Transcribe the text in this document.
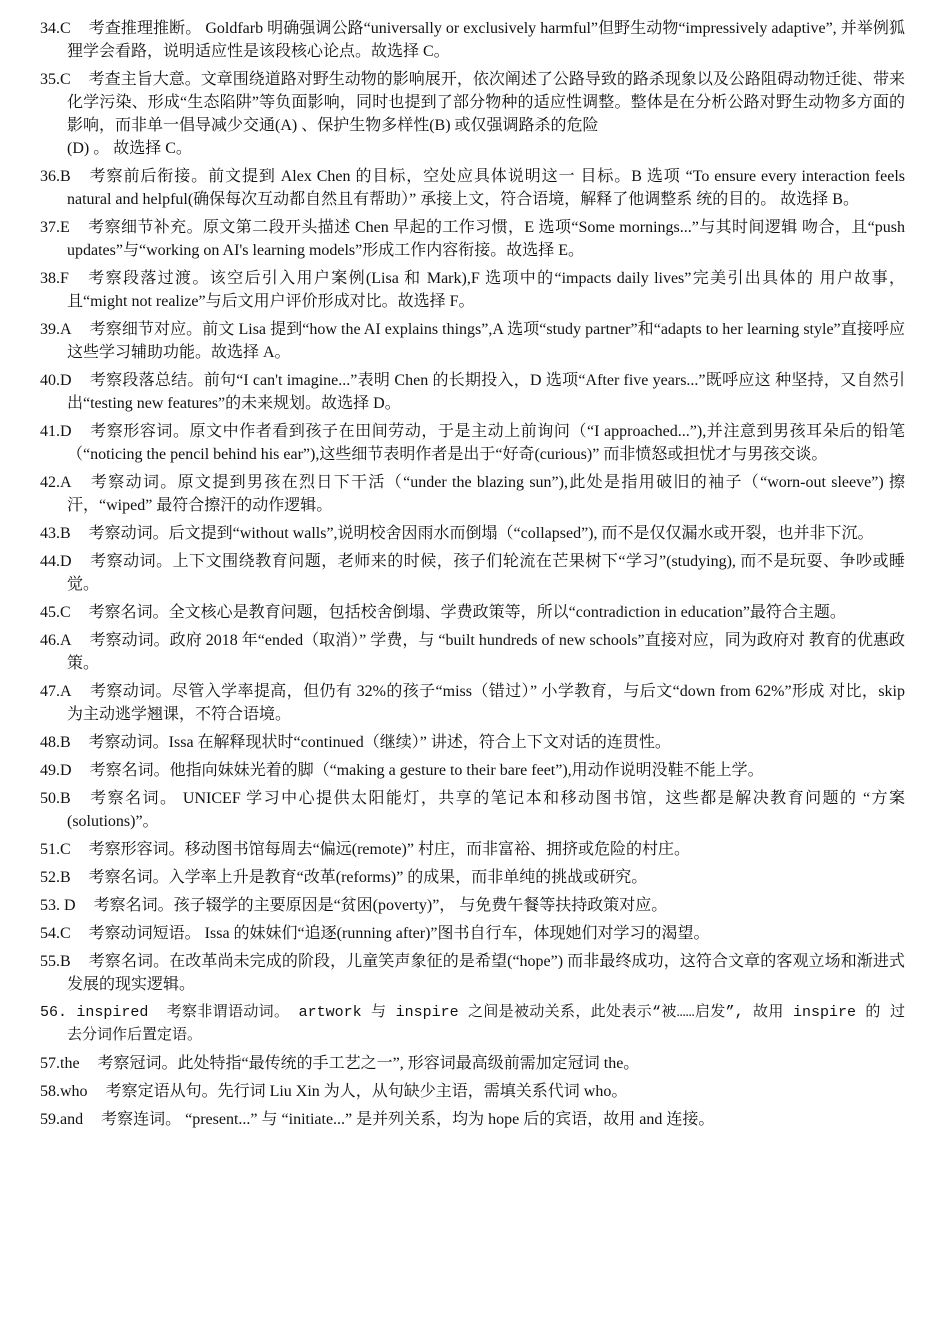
34.C 考查推理推断。 Goldfarb 明确强调公路“universally or exclusively harmful”但野生动物“impressively adaptive”, 并举例狐狸学会看路，说明适应性是该段核心论点。故选择 C。

35.C 考查主旨大意。文章围绕道路对野生动物的影响展开，依次阐述了公路导致的路杀现象以及公路阻碍动物迁徙、带来化学污染、形成“生态陷阱”等负面影响，同时也提到了部分物种的适应性调整。整体是在分析公路对野生动物多方面的影响，而非单一倡导减少交通(A) 、保护生物多样性(B) 或仅强调路杀的危险
(D) 。 故选择 C。

36.B 考察前后衔接。前文提到 Alex Chen 的目标，空处应具体说明这一 目标。B 选项 “To ensure every interaction feels natural and helpful(确保每次互动都自然且有帮助）” 承接上文，符合语境，解释了他调整系 统的目的。 故选择 B。

37.E 考察细节补充。原文第二段开头描述 Chen 早起的工作习惯，E 选项“Some mornings...”与其时间逻辑 吻合，且“push updates”与“working on AI's learning models”形成工作内容衔接。故选择 E。

38.F 考察段落过渡。该空后引入用户案例(Lisa 和 Mark),F 选项中的“impacts daily lives”完美引出具体的 用户故事，且“might not realize”与后文用户评价形成对比。故选择 F。

39.A 考察细节对应。前文 Lisa 提到“how the AI explains things”,A 选项“study partner”和“adapts to her learning style”直接呼应这些学习辅助功能。故选择 A。

40.D 考察段落总结。前句“I can't imagine...”表明 Chen 的长期投入，D 选项“After five years...”既呼应这 种坚持，又自然引出“testing new features”的未来规划。故选择 D。

41.D 考察形容词。原文中作者看到孩子在田间劳动，于是主动上前询问（“I approached...”),并注意到男孩耳朵后的铅笔（“noticing the pencil behind his ear”),这些细节表明作者是出于“好奇(curious)” 而非愤怒或担忧才与男孩交谈。

42.A 考察动词。原文提到男孩在烈日下干活（“under the blazing sun”),此处是指用破旧的袖子（“worn-out sleeve”) 擦汗，“wiped” 最符合擦汗的动作逻辑。

43.B 考察动词。后文提到“without walls”,说明校舍因雨水而倒塌（“collapsed”), 而不是仅仅漏水或开裂，也并非下沉。

44.D 考察动词。上下文围绕教育问题，老师来的时候，孩子们轮流在芒果树下“学习”(studying), 而不是玩耍、争吵或睡觉。

45.C 考察名词。全文核心是教育问题，包括校舍倒塌、学费政策等，所以“contradiction in education”最符合主题。

46.A 考察动词。政府 2018 年“ended（取消）” 学费，与 “built hundreds of new schools”直接对应，同为政府对 教育的优惠政策。

47.A 考察动词。尽管入学率提高，但仍有 32%的孩子“miss（错过）” 小学教育，与后文“down from 62%”形成 对比，skip 为主动逃学翘课，不符合语境。

48.B 考察动词。Issa 在解释现状时“continued（继续）” 讲述，符合上下文对话的连贯性。

49.D 考察名词。他指向妹妹光着的脚（“making a gesture to their bare feet”),用动作说明没鞋不能上学。

50.B 考察名词。 UNICEF 学习中心提供太阳能灯，共享的笔记本和移动图书馆，这些都是解决教育问题的 “方案(solutions)”。

51.C 考察形容词。移动图书馆每周去“偏远(remote)” 村庄，而非富裕、拥挤或危险的村庄。

52.B 考察名词。入学率上升是教育“改革(reforms)” 的成果，而非单纯的挑战或研究。

53. D 考察名词。孩子辍学的主要原因是“贫困(poverty)”， 与免费午餐等扶持政策对应。

54.C 考察动词短语。 Issa 的妹妹们“追逐(running after)”图书自行车，体现她们对学习的渴望。

55.B 考察名词。在改革尚未完成的阶段，儿童笑声象征的是希望(“hope”) 而非最终成功，这符合文章的客观立场和渐进式发展的现实逻辑。

56. inspired 考察非谓语动词。 artwork 与 inspire 之间是被动关系，此处表示“被……启发”, 故用 inspire 的 过去分词作后置定语。

57.the 考察冠词。此处特指“最传统的手工艺之一”, 形容词最高级前需加定冠词 the。

58.who 考察定语从句。先行词 Liu Xin 为人，从句缺少主语，需填关系代词 who。

59.and 考察连词。 “present...” 与 “initiate...” 是并列关系，均为 hope 后的宾语，故用 and 连接。
